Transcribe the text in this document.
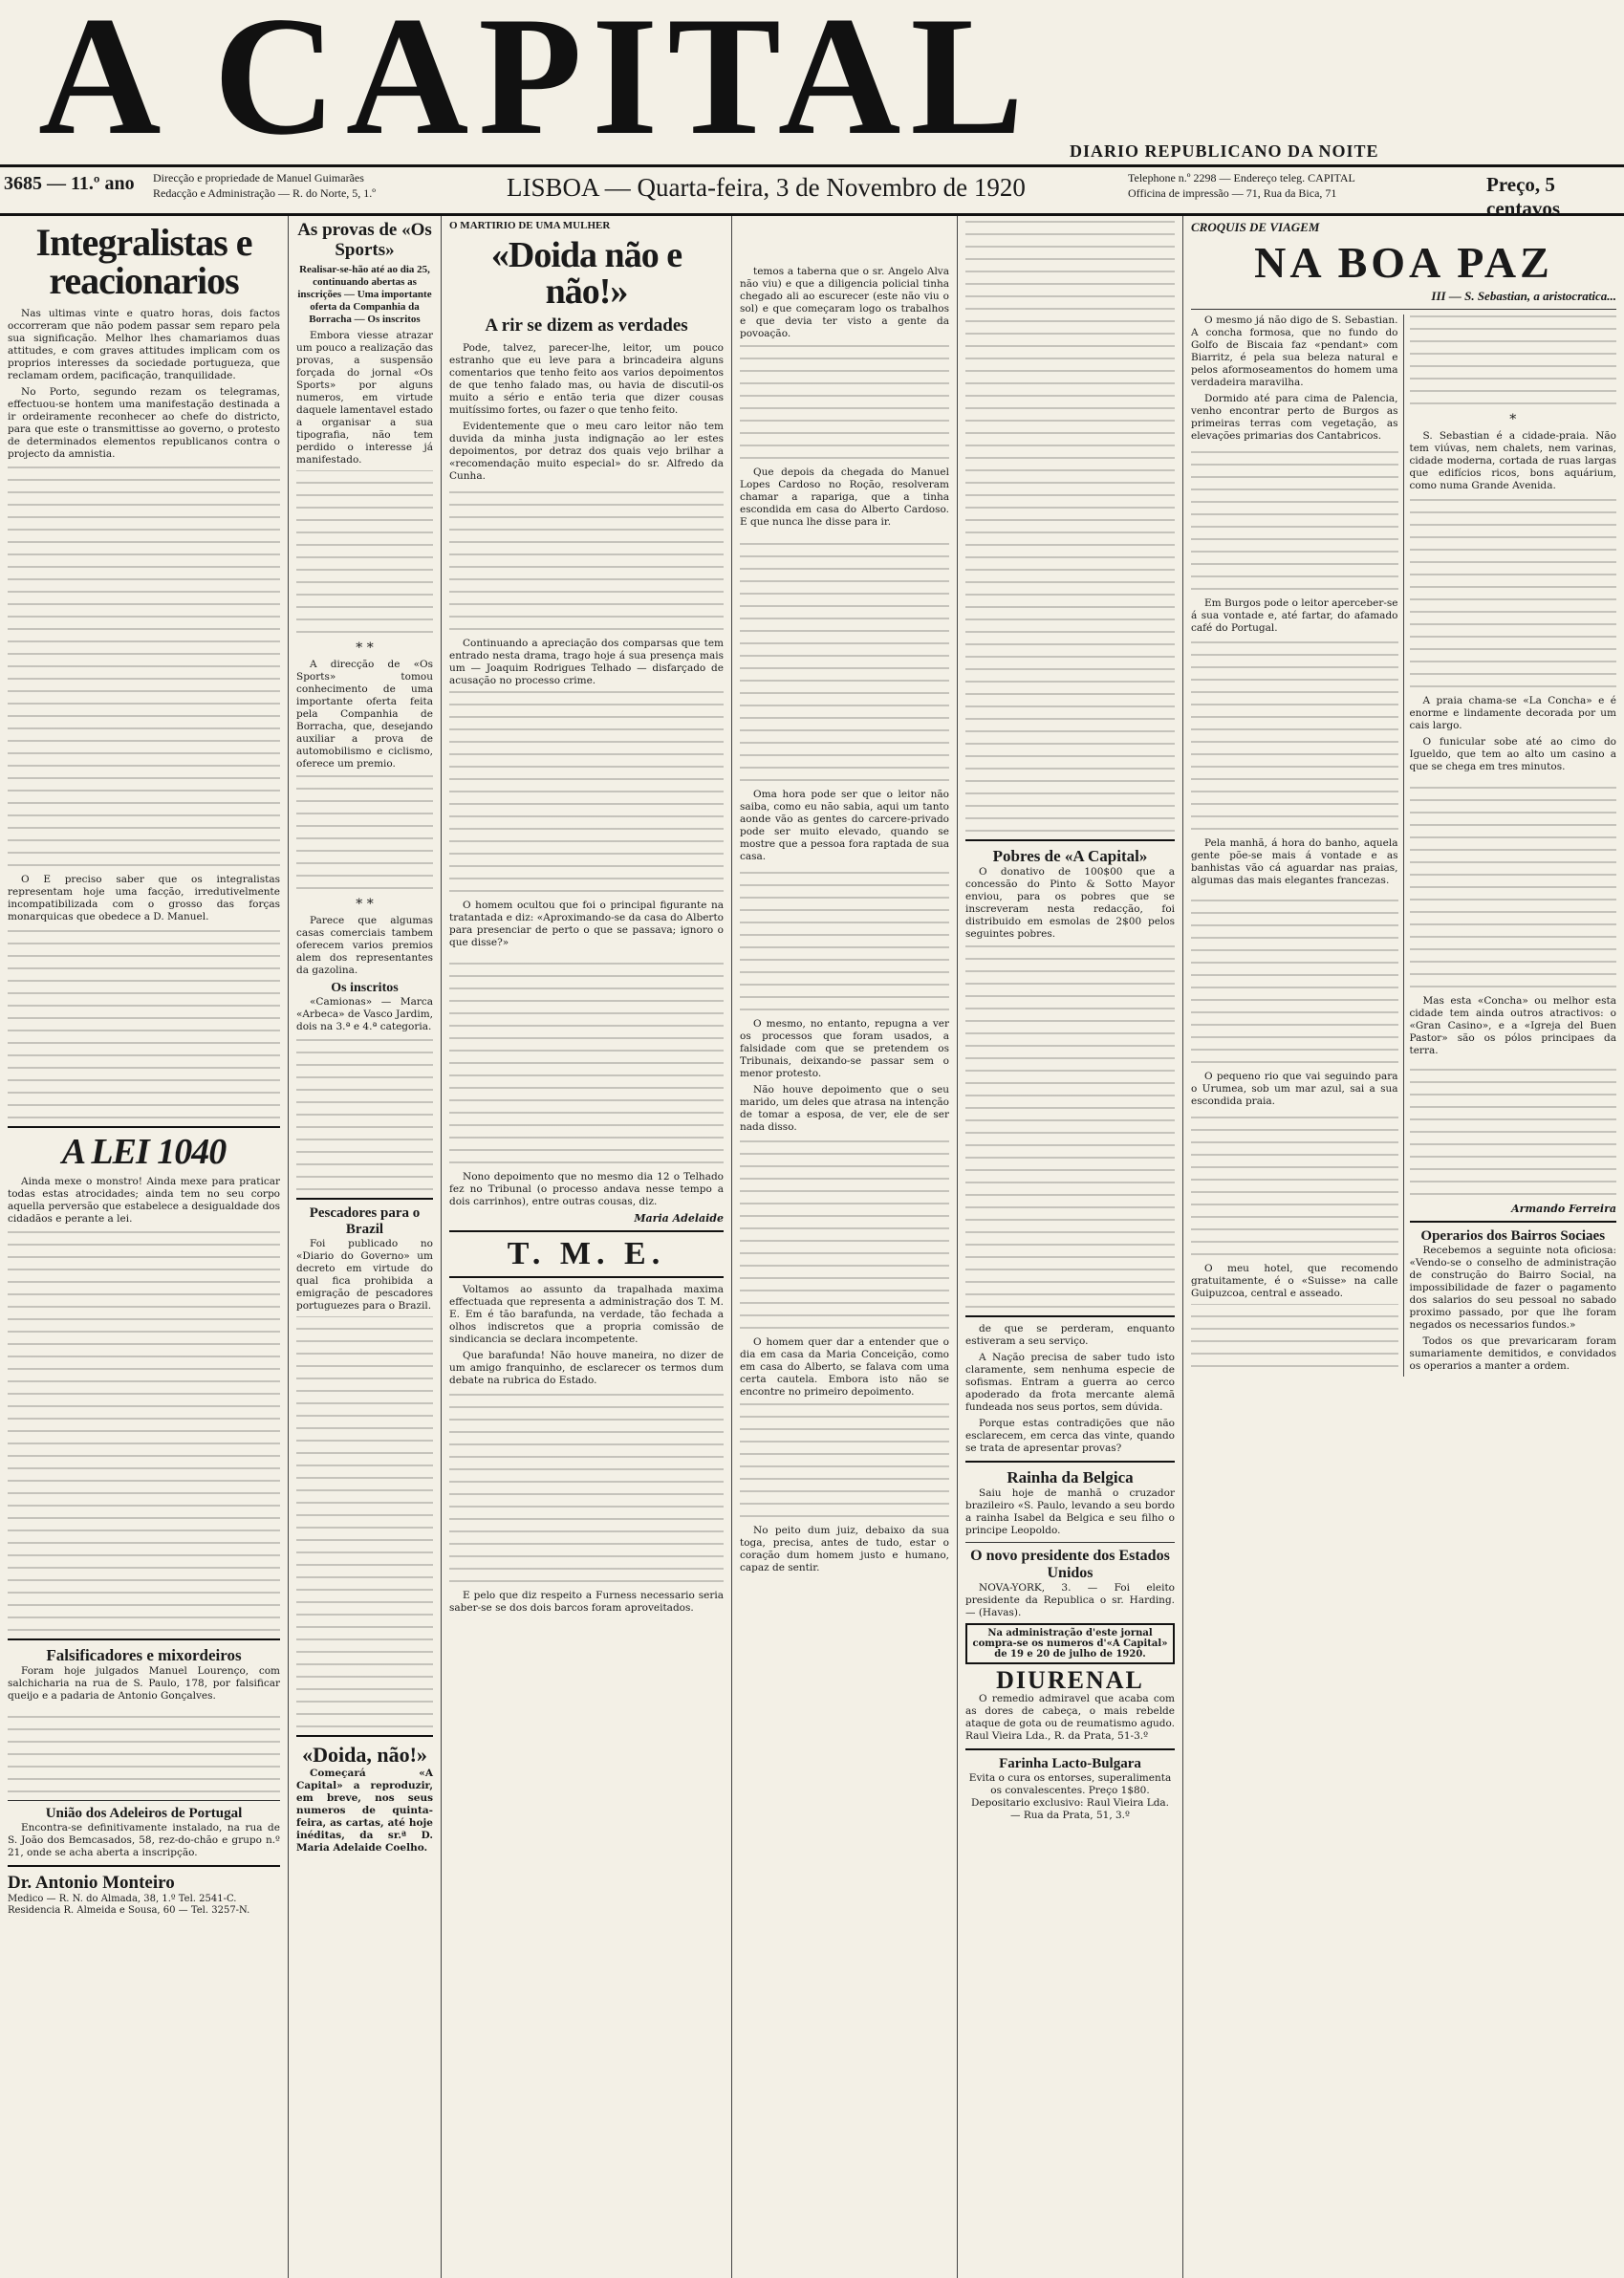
A CAPITAL	DIARIO REPUBLICANO DA NOITE
3685 — 11.º ano Direcção e propriedade de Manuel Guimarães
Redacção e Administração — R. do Norte, 5, 1.º	LISBOA — Quarta-feira, 3 de Novembro de 1920	Telephone n.º 2298 — Endereço teleg. CAPITAL
Officina de impressão — 71, Rua da Bica, 71	Preço, 5 centavos
Integralistas e reacionarios

Nas ultimas vinte e quatro horas, dois factos occorreram que não podem passar sem reparo pela sua significação. Melhor lhes chamariamos duas attitudes, e com graves attitudes implicam com os proprios interesses da sociedade portugueza, que reclamam ordem, pacificação, tranquilidade.

No Porto, segundo rezam os telegramas, effectuou-se hontem uma manifestação destinada a ir ordeiramente reconhecer ao chefe do districto, para que este o transmittisse ao governo, o protesto de determinados elementos republicanos contra o projecto da amnistia.

O E preciso saber que os integralistas representam hoje uma facção, irredutivelmente incompatibilizada com o grosso das forças monarquicas que obedece a D. Manuel.

A LEI 1040

Ainda mexe o monstro! Ainda mexe para praticar todas estas atrocidades; ainda tem no seu corpo aquella perversão que estabelece a desigualdade dos cidadãos e perante a lei.

Falsificadores e mixordeiros

Foram hoje julgados Manuel Lourenço, com salchicharia na rua de S. Paulo, 178, por falsificar queijo e a padaria de Antonio Gonçalves.

União dos Adeleiros de Portugal

Encontra-se definitivamente instalado, na rua de S. João dos Bemcasados, 58, rez-do-chão e grupo n.º 21, onde se acha aberta a inscripção.

Dr. Antonio Monteiro
Medico — R. N. do Almada, 38, 1.º Tel. 2541-C. Residencia R. Almeida e Sousa, 60 — Tel. 3257-N.
As provas de «Os Sports»
Realisar-se-hão até ao dia 25, continuando abertas as inscrições — Uma importante oferta da Companhia da Borracha — Os inscritos

Embora viesse atrazar um pouco a realização das provas, a suspensão forçada do jornal «Os Sports» por alguns numeros, em virtude daquele lamentavel estado a organisar a sua tipografia, não tem perdido o interesse já manifestado.

* *

A direcção de «Os Sports» tomou conhecimento de uma importante oferta feita pela Companhia de Borracha, que, desejando auxiliar a prova de automobilismo e ciclismo, oferece um premio.

* *

Parece que algumas casas comerciais tambem oferecem varios premios alem dos representantes da gazolina.

Os inscritos

«Camionas» — Marca «Arbeca» de Vasco Jardim, dois na 3.ª e 4.ª categoria.

Pescadores para o Brazil

Foi publicado no «Diario do Governo» um decreto em virtude do qual fica prohibida a emigração de pescadores portuguezes para o Brazil.

«Doida, não!»

Começará «A Capital» a reproduzir, em breve, nos seus numeros de quinta-feira, as cartas, até hoje inéditas, da sr.ª D. Maria Adelaide Coelho.

O MARTIRIO DE UMA MULHER
«Doida não e não!»
A rir se dizem as verdades

Pode, talvez, parecer-lhe, leitor, um pouco estranho que eu leve para a brincadeira alguns comentarios que tenho feito aos varios depoimentos de que tenho falado mas, ou havia de discutil-os muito a sério e então teria que dizer cousas muitíssimo fortes, ou fazer o que tenho feito.

Evidentemente que o meu caro leitor não tem duvida da minha justa indignação ao ler estes depoimentos, por detraz dos quais vejo brilhar a «recomendação muito especial» do sr. Alfredo da Cunha.

Continuando a apreciação dos comparsas que tem entrado nesta drama, trago hoje á sua presença mais um — Joaquim Rodrigues Telhado — disfarçado de acusação no processo crime.

O homem ocultou que foi o principal figurante na tratantada e diz: «Aproximando-se da casa do Alberto para presenciar de perto o que se passava; ignoro o que disse?»

Nono depoimento que no mesmo dia 12 o Telhado fez no Tribunal (o processo andava nesse tempo a dois carrinhos), entre outras cousas, diz.

Maria Adelaide
T. M. E.

Voltamos ao assunto da trapalhada maxima effectuada que representa a administração dos T. M. E. Em é tão barafunda, na verdade, tão fechada a olhos indiscretos que a propria comissão de sindicancia se declara incompetente.

Que barafunda! Não houve maneira, no dizer de um amigo franquinho, de esclarecer os termos dum debate na rubrica do Estado.

E pelo que diz respeito a Furness necessario seria saber-se se dos dois barcos foram aproveitados.

temos a taberna que o sr. Angelo Alva não viu) e que a diligencia policial tinha chegado ali ao escurecer (este não viu o sol) e que começaram logo os trabalhos e que devia ter visto a gente da povoação.

Que depois da chegada do Manuel Lopes Cardoso no Roção, resolveram chamar a rapariga, que a tinha escondida em casa do Alberto Cardoso. E que nunca lhe disse para ir.

Oma hora pode ser que o leitor não saiba, como eu não sabia, aqui um tanto aonde vão as gentes do carcere-privado pode ser muito elevado, quando se mostre que a pessoa fora raptada de sua casa.

O mesmo, no entanto, repugna a ver os processos que foram usados, a falsidade com que se pretendem os Tribunais, deixando-se passar sem o menor protesto.

Não houve depoimento que o seu marido, um deles que atrasa na intenção de tomar a esposa, de ver, ele de ser nada disso.

O homem quer dar a entender que o dia em casa da Maria Conceição, como em casa do Alberto, se falava com uma certa cautela. Embora isto não se encontre no primeiro depoimento.

No peito dum juiz, debaixo da sua toga, precisa, antes de tudo, estar o coração dum homem justo e humano, capaz de sentir.

Pobres de «A Capital»

O donativo de 100$00 que a concessão do Pinto & Sotto Mayor enviou, para os pobres que se inscreveram nesta redacção, foi distribuido em esmolas de 2$00 pelos seguintes pobres.

de que se perderam, enquanto estiveram a seu serviço.

A Nação precisa de saber tudo isto claramente, sem nenhuma especie de sofismas. Entram a guerra ao cerco apoderado da frota mercante alemã fundeada nos seus portos, sem dúvida.

Porque estas contradições que não esclarecem, em cerca das vinte, quando se trata de apresentar provas?

Rainha da Belgica

Saiu hoje de manhã o cruzador brazileiro «S. Paulo, levando a seu bordo a rainha Isabel da Belgica e seu filho o principe Leopoldo.

O novo presidente dos Estados Unidos

NOVA-YORK, 3. — Foi eleito presidente da Republica o sr. Harding. — (Havas).

Na administração d'este jornal compra-se os numeros d'«A Capital» de 19 e 20 de julho de 1920.
DIURENAL

O remedio admiravel que acaba com as dores de cabeça, o mais rebelde ataque de gota ou de reumatismo agudo. Raul Vieira Lda., R. da Prata, 51-3.º

Farinha Lacto-Bulgara

Evita o cura os entorses, superalimenta os convalescentes. Preço 1$80. Depositario exclusivo: Raul Vieira Lda. — Rua da Prata, 51, 3.º

CROQUIS DE VIAGEM
NA BOA PAZ
III — S. Sebastian, a aristocratica...

O mesmo já não digo de S. Sebastian. A concha formosa, que no fundo do Golfo de Biscaia faz «pendant» com Biarritz, é pela sua beleza natural e pelos aformoseamentos do homem uma verdadeira maravilha.

Dormido até para cima de Palencia, venho encontrar perto de Burgos as primeiras terras com vegetação, as elevações primarias dos Cantabricos.

Em Burgos pode o leitor aperceber-se á sua vontade e, até fartar, do afamado café do Portugal.

Pela manhã, á hora do banho, aquela gente põe-se mais á vontade e as banhistas vão cá aguardar nas praias, algumas das mais elegantes francezas.

O pequeno rio que vai seguindo para o Urumea, sob um mar azul, sai a sua escondida praia.

O meu hotel, que recomendo gratuitamente, é o «Suisse» na calle Guipuzcoa, central e asseado.

*

S. Sebastian é a cidade-praia. Não tem viúvas, nem chalets, nem varinas, cidade moderna, cortada de ruas largas que edifícios ricos, bons aquárium, como numa Grande Avenida.

A praia chama-se «La Concha» e é enorme e lindamente decorada por um cais largo.

O funicular sobe até ao cimo do Igueldo, que tem ao alto um casino a que se chega em tres minutos.

Mas esta «Concha» ou melhor esta cidade tem ainda outros atractivos: o «Gran Casino», e a «Igreja del Buen Pastor» são os pólos principaes da terra.

Armando Ferreira
Operarios dos Bairros Sociaes

Recebemos a seguinte nota oficiosa: «Vendo-se o conselho de administração de construção do Bairro Social, na impossibilidade de fazer o pagamento dos salarios do seu pessoal no sabado proximo passado, por que lhe foram negados os necessarios fundos.»

Todos os que prevaricaram foram sumariamente demitidos, e convidados os operarios a manter a ordem.
